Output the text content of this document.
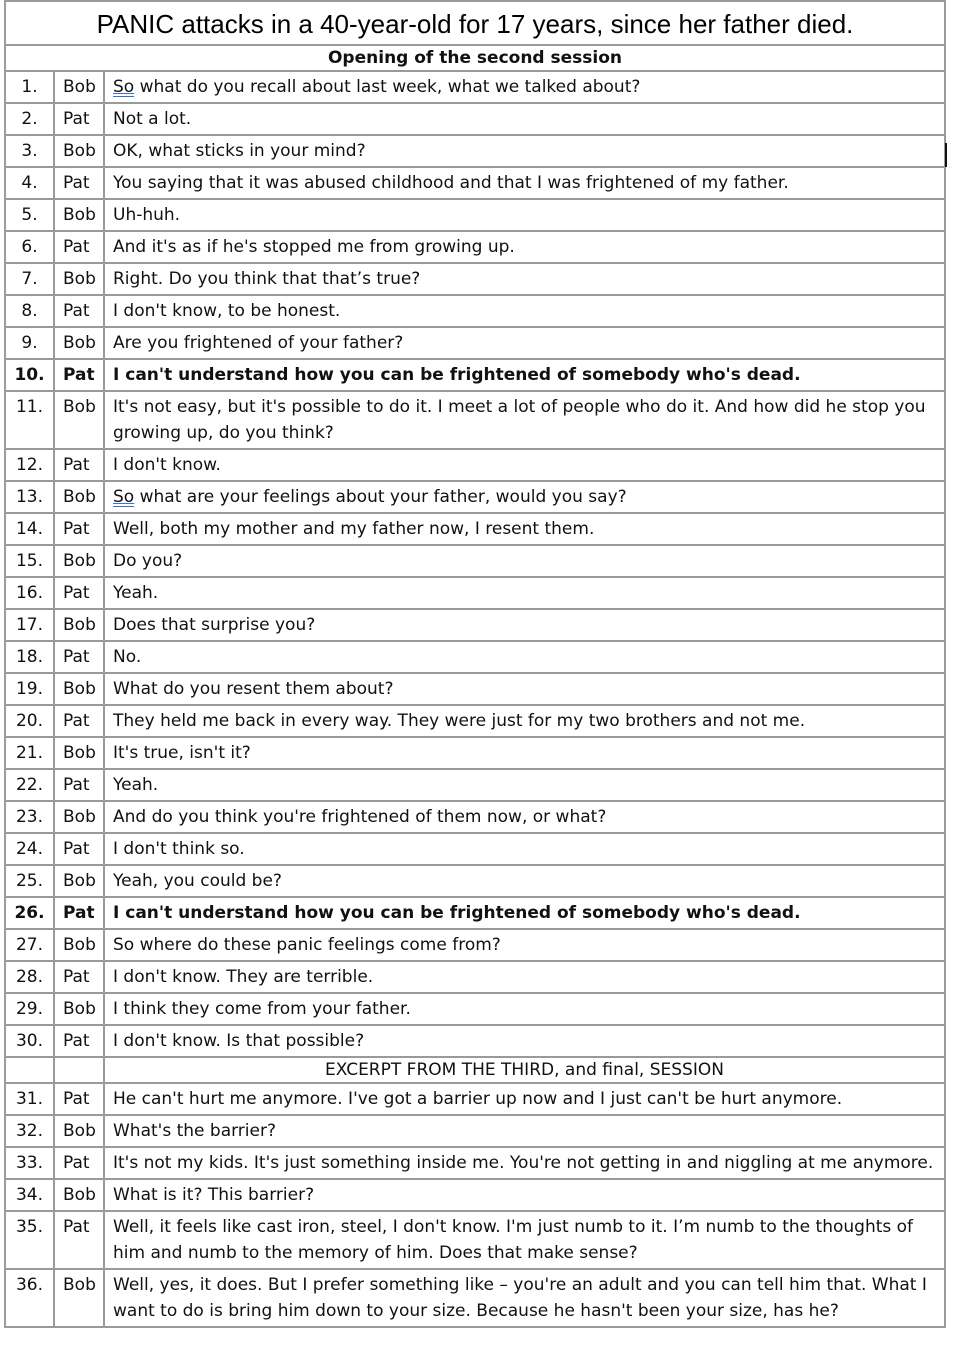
PANIC attacks in a 40-year-old for 17 years, since her father died.		
Opening of the second session		
1.	Bob	So what do you recall about last week, what we talked about?
2.	Pat	Not a lot.
3.	Bob	OK, what sticks in your mind?
4.	Pat	You saying that it was abused childhood and that I was frightened of my father.
5.	Bob	Uh-huh.
6.	Pat	And it's as if he's stopped me from growing up.
7.	Bob	Right. Do you think that that’s true?
8.	Pat	I don't know, to be honest.
9.	Bob	Are you frightened of your father?
10.	Pat	I can't understand how you can be frightened of somebody who's dead.
11.	Bob	It's not easy, but it's possible to do it. I meet a lot of people who do it. And how did he stop you growing up, do you think?
12.	Pat	I don't know.
13.	Bob	So what are your feelings about your father, would you say?
14.	Pat	Well, both my mother and my father now, I resent them.
15.	Bob	Do you?
16.	Pat	Yeah.
17.	Bob	Does that surprise you?
18.	Pat	No.
19.	Bob	What do you resent them about?
20.	Pat	They held me back in every way. They were just for my two brothers and not me.
21.	Bob	It's true, isn't it?
22.	Pat	Yeah.
23.	Bob	And do you think you're frightened of them now, or what?
24.	Pat	I don't think so.
25.	Bob	Yeah, you could be?
26.	Pat	I can't understand how you can be frightened of somebody who's dead.
27.	Bob	So where do these panic feelings come from?
28.	Pat	I don't know. They are terrible.
29.	Bob	I think they come from your father.
30.	Pat	I don't know. Is that possible?
		EXCERPT FROM THE THIRD, and final, SESSION
31.	Pat	He can't hurt me anymore. I've got a barrier up now and I just can't be hurt anymore.
32.	Bob	What's the barrier?
33.	Pat	It's not my kids. It's just something inside me. You're not getting in and niggling at me anymore.
34.	Bob	What is it? This barrier?
35.	Pat	Well, it feels like cast iron, steel, I don't know. I'm just numb to it. I’m numb to the thoughts of him and numb to the memory of him. Does that make sense?
36.	Bob	Well, yes, it does. But I prefer something like – you're an adult and you can tell him that. What I want to do is bring him down to your size. Because he hasn't been your size, has he?
